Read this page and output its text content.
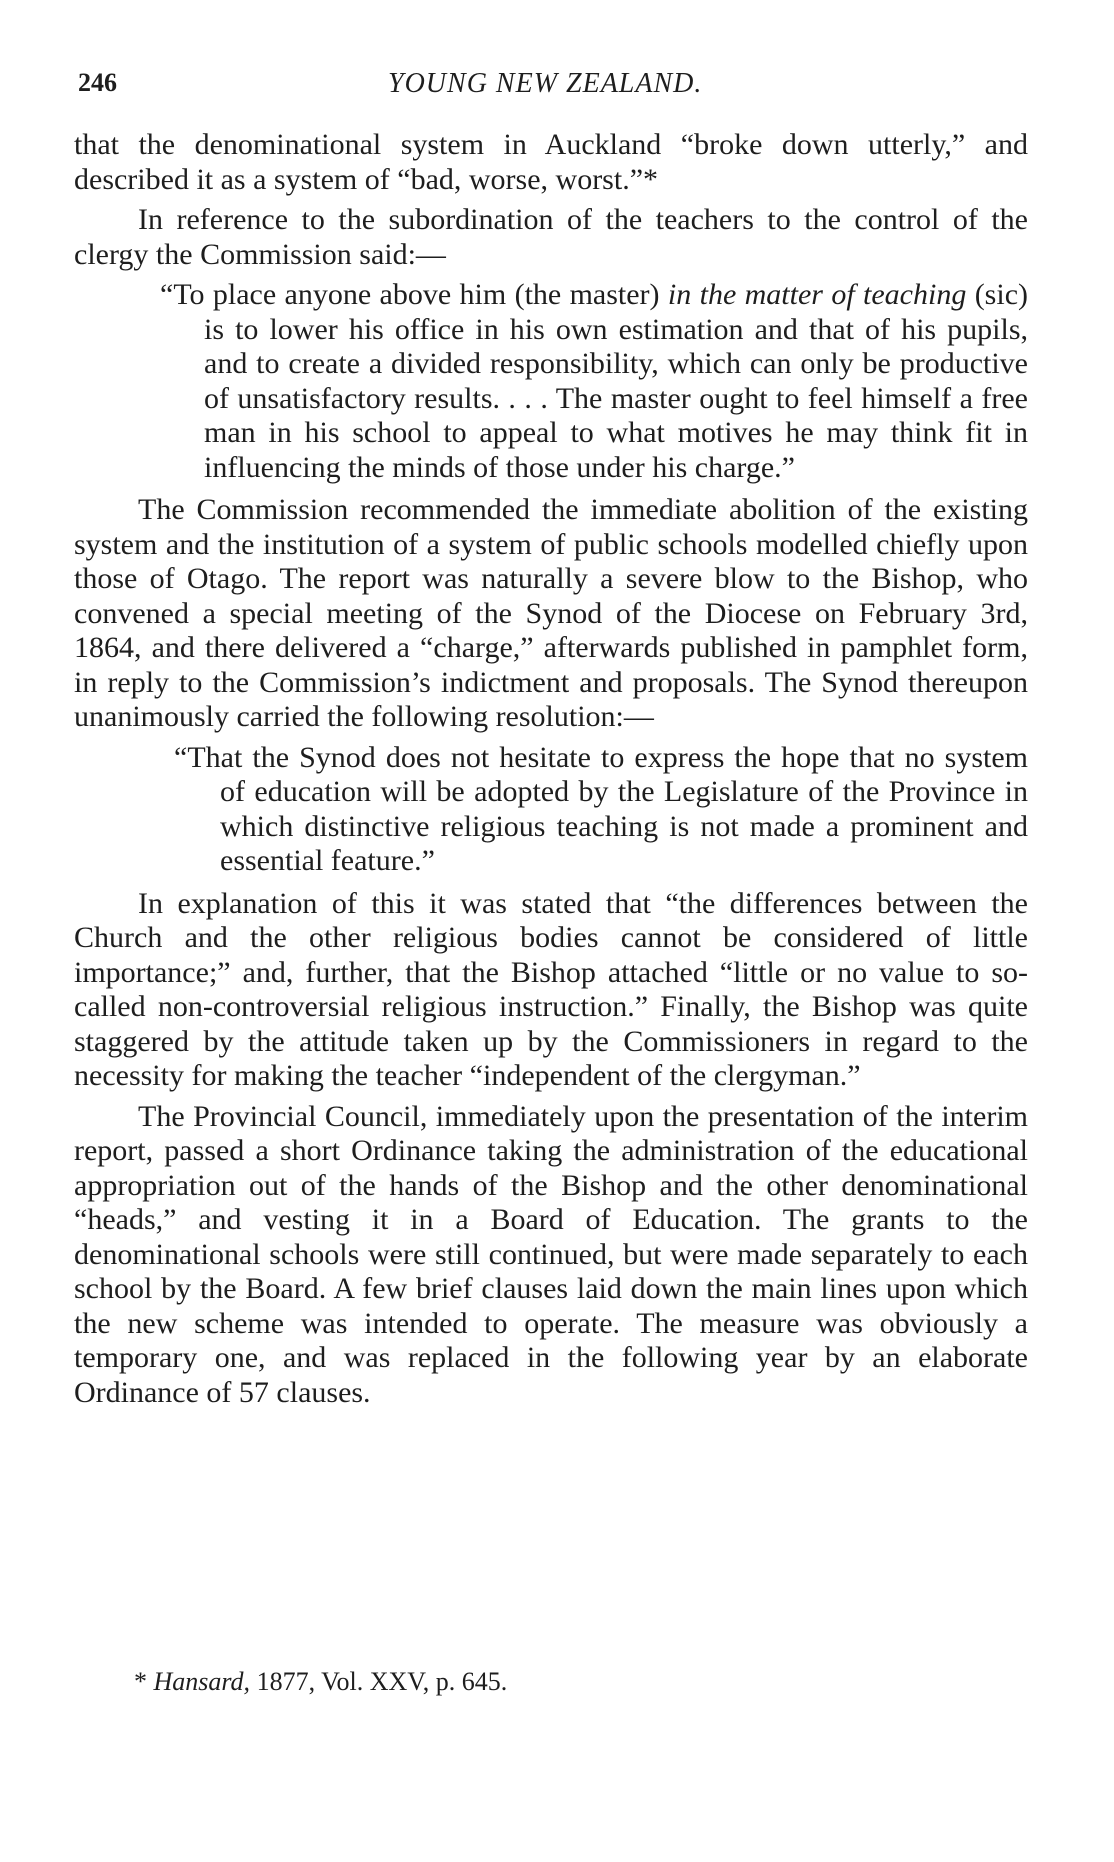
246	YOUNG NEW ZEALAND.

that the denominational system in Auckland “broke down utterly,” and described it as a system of “bad, worse, worst.”*

In reference to the subordination of the teachers to the control of the clergy the Commission said:—

“To place anyone above him (the master) in the matter of teaching (sic) is to lower his office in his own estimation and that of his pupils, and to create a divided responsibility, which can only be productive of unsatisfactory results. . . . The master ought to feel himself a free man in his school to appeal to what motives he may think fit in influencing the minds of those under his charge.”

The Commission recommended the immediate abolition of the existing system and the institution of a system of public schools modelled chiefly upon those of Otago. The report was naturally a severe blow to the Bishop, who convened a special meeting of the Synod of the Diocese on February 3rd, 1864, and there delivered a “charge,” afterwards published in pamphlet form, in reply to the Commission’s indictment and proposals. The Synod thereupon unanimously carried the following resolution:—

“That the Synod does not hesitate to express the hope that no system of education will be adopted by the Legislature of the Province in which distinctive religious teaching is not made a prominent and essential feature.”

In explanation of this it was stated that “the differences between the Church and the other religious bodies cannot be considered of little importance;” and, further, that the Bishop attached “little or no value to so-called non-controversial religious instruction.” Finally, the Bishop was quite staggered by the attitude taken up by the Commissioners in regard to the necessity for making the teacher “independent of the clergyman.”

The Provincial Council, immediately upon the presentation of the interim report, passed a short Ordinance taking the administration of the educational appropriation out of the hands of the Bishop and the other denominational “heads,” and vesting it in a Board of Education. The grants to the denominational schools were still continued, but were made separately to each school by the Board. A few brief clauses laid down the main lines upon which the new scheme was intended to operate. The measure was obviously a temporary one, and was replaced in the following year by an elaborate Ordinance of 57 clauses.

* Hansard, 1877, Vol. XXV, p. 645.
